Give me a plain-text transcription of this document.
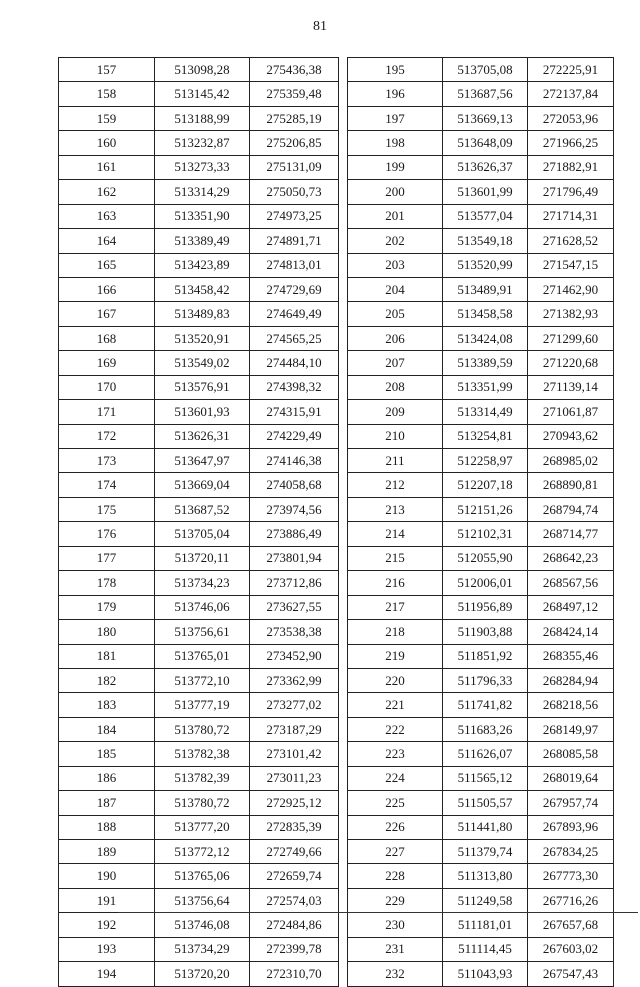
81
157	513098,28	275436,38
158	513145,42	275359,48
159	513188,99	275285,19
160	513232,87	275206,85
161	513273,33	275131,09
162	513314,29	275050,73
163	513351,90	274973,25
164	513389,49	274891,71
165	513423,89	274813,01
166	513458,42	274729,69
167	513489,83	274649,49
168	513520,91	274565,25
169	513549,02	274484,10
170	513576,91	274398,32
171	513601,93	274315,91
172	513626,31	274229,49
173	513647,97	274146,38
174	513669,04	274058,68
175	513687,52	273974,56
176	513705,04	273886,49
177	513720,11	273801,94
178	513734,23	273712,86
179	513746,06	273627,55
180	513756,61	273538,38
181	513765,01	273452,90
182	513772,10	273362,99
183	513777,19	273277,02
184	513780,72	273187,29
185	513782,38	273101,42
186	513782,39	273011,23
187	513780,72	272925,12
188	513777,20	272835,39
189	513772,12	272749,66
190	513765,06	272659,74
191	513756,64	272574,03
192	513746,08	272484,86
193	513734,29	272399,78
194	513720,20	272310,70
195	513705,08	272225,91
196	513687,56	272137,84
197	513669,13	272053,96
198	513648,09	271966,25
199	513626,37	271882,91
200	513601,99	271796,49
201	513577,04	271714,31
202	513549,18	271628,52
203	513520,99	271547,15
204	513489,91	271462,90
205	513458,58	271382,93
206	513424,08	271299,60
207	513389,59	271220,68
208	513351,99	271139,14
209	513314,49	271061,87
210	513254,81	270943,62
211	512258,97	268985,02
212	512207,18	268890,81
213	512151,26	268794,74
214	512102,31	268714,77
215	512055,90	268642,23
216	512006,01	268567,56
217	511956,89	268497,12
218	511903,88	268424,14
219	511851,92	268355,46
220	511796,33	268284,94
221	511741,82	268218,56
222	511683,26	268149,97
223	511626,07	268085,58
224	511565,12	268019,64
225	511505,57	267957,74
226	511441,80	267893,96
227	511379,74	267834,25
228	511313,80	267773,30
229	511249,58	267716,26
230	511181,01	267657,68
231	511114,45	267603,02
232	511043,93	267547,43
